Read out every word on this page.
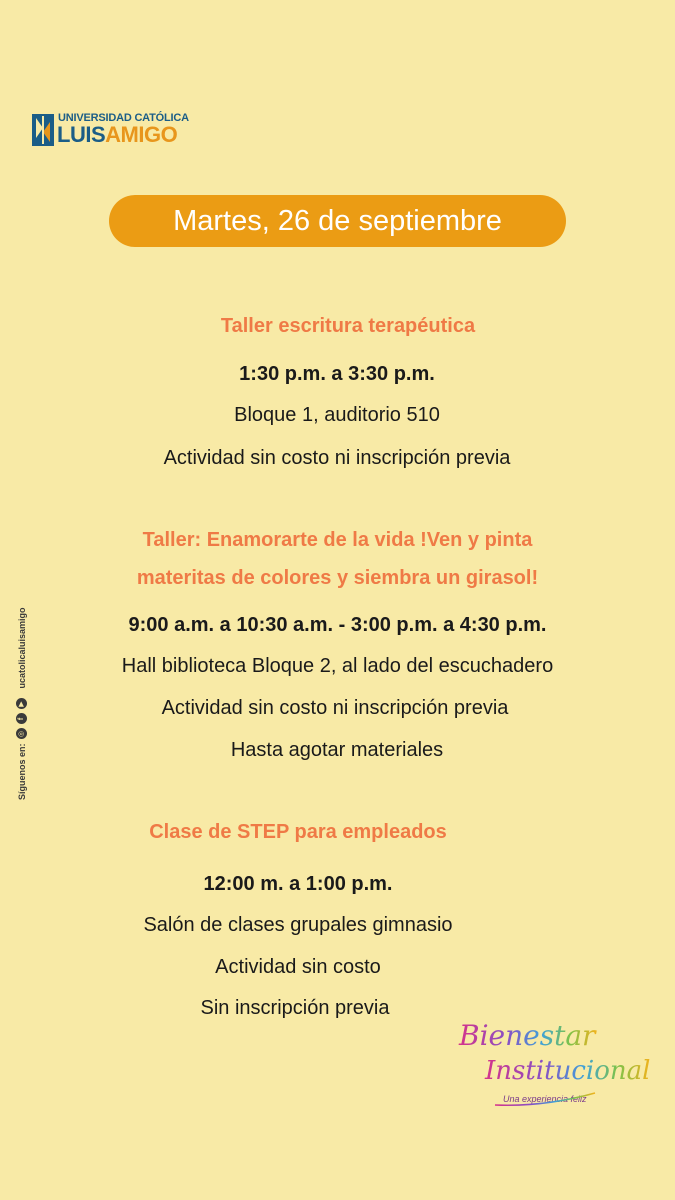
UNIVERSIDAD CATÓLICA
LUISAMIGO
Martes, 26 de septiembre
Taller escritura terapéutica
1:30 p.m. a 3:30 p.m.
Bloque 1, auditorio 510
Actividad sin costo ni inscripción previa
Taller: Enamorarte de la vida !Ven y pinta
materitas de colores y siembra un girasol!
9:00 a.m. a 10:30 a.m. - 3:00 p.m. a 4:30 p.m.
Hall biblioteca Bloque 2, al lado del escuchadero
Actividad sin costo ni inscripción previa
Hasta agotar materiales
Clase de STEP para empleados
12:00 m. a 1:00 p.m.
Salón de clases grupales gimnasio
Actividad sin costo
Sin inscripción previa
Síguenos en:
◎
f
▶
ucatolicaluisamigo
Bienestar
Institucional
Una experiencia feliz
